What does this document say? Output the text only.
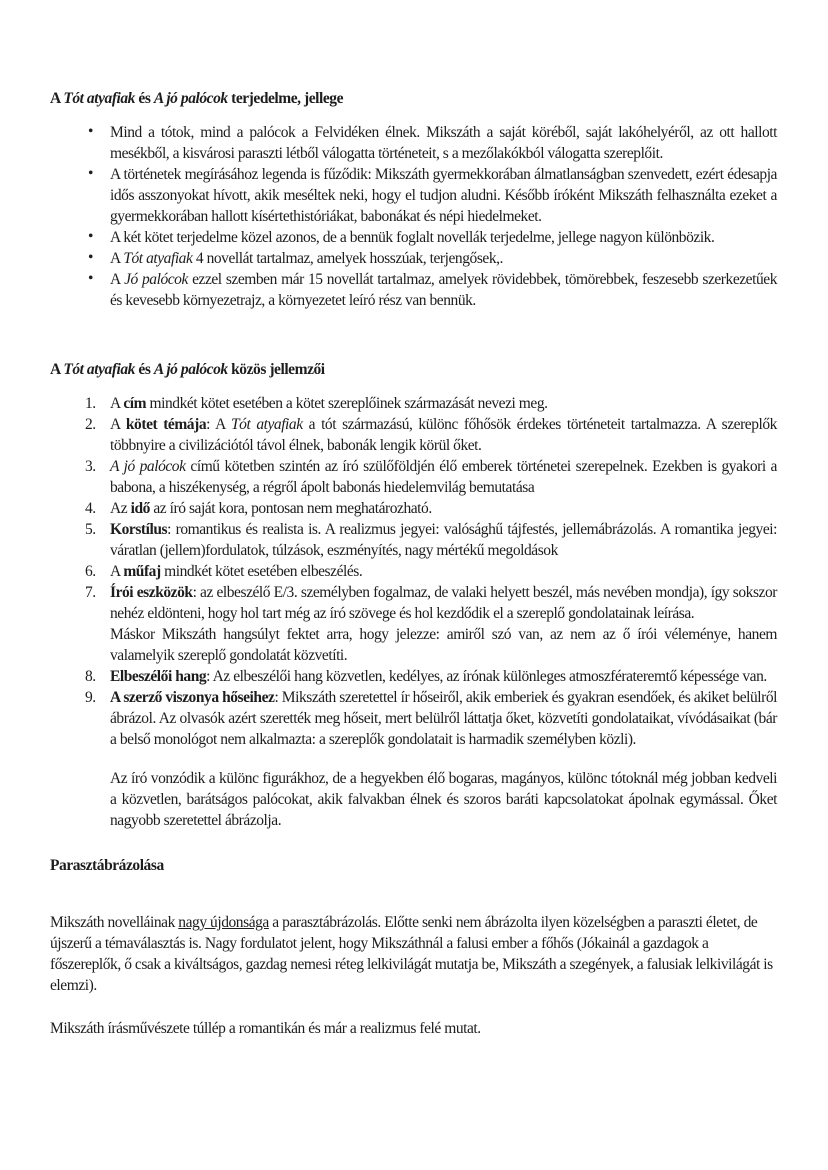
A Tót atyafiak és A jó palócok terjedelme, jellege
• Mind a tótok, mind a palócok a Felvidéken élnek. Mikszáth a saját köréből, saját lakóhelyéről, az ott hallott mesékből, a kisvárosi paraszti létből válogatta történeteit, s a mezőlakókból válogatta szereplőit.
• A történetek megírásához legenda is fűződik: Mikszáth gyermekkorában álmatlanságban szenvedett, ezért édesapja idős asszonyokat hívott, akik meséltek neki, hogy el tudjon aludni. Később íróként Mikszáth felhasználta ezeket a gyermekkorában hallott kísértethistóriákat, babonákat és népi hiedelmeket.
• A két kötet terjedelme közel azonos, de a bennük foglalt novellák terjedelme, jellege nagyon különbözik.
• A Tót atyafiak 4 novellát tartalmaz, amelyek hosszúak, terjengősek,.
• A Jó palócok ezzel szemben már 15 novellát tartalmaz, amelyek rövidebbek, tömörebbek, feszesebb szerkezetűek és kevesebb környezetrajz, a környezetet leíró rész van bennük.
A Tót atyafiak és A jó palócok közös jellemzői
1. A cím mindkét kötet esetében a kötet szereplőinek származását nevezi meg.
2. A kötet témája: A Tót atyafiak a tót származású, különc főhősök érdekes történeteit tartalmazza. A szereplők többnyire a civilizációtól távol élnek, babonák lengik körül őket.
3. A jó palócok című kötetben szintén az író szülőföldjén élő emberek történetei szerepelnek. Ezekben is gyakori a babona, a hiszékenység, a régről ápolt babonás hiedelemvilág bemutatása
4. Az idő az író saját kora, pontosan nem meghatározható.
5. Korstílus: romantikus és realista is. A realizmus jegyei: valósághű tájfestés, jellemábrázolás. A romantika jegyei: váratlan (jellem)fordulatok, túlzások, eszményítés, nagy mértékű megoldások
6. A műfaj mindkét kötet esetében elbeszélés.
7. Írói eszközök: az elbeszélő E/3. személyben fogalmaz, de valaki helyett beszél, más nevében mondja), így sokszor nehéz eldönteni, hogy hol tart még az író szövege és hol kezdődik el a szereplő gondolatainak leírása.
Máskor Mikszáth hangsúlyt fektet arra, hogy jelezze: amiről szó van, az nem az ő írói véleménye, hanem valamelyik szereplő gondolatát közvetíti.
8. Elbeszélői hang: Az elbeszélői hang közvetlen, kedélyes, az írónak különleges atmoszférateremtő képessége van.
9. A szerző viszonya hőseihez: Mikszáth szeretettel ír hőseiről, akik emberiek és gyakran esendőek, és akiket belülről ábrázol. Az olvasók azért szerették meg hőseit, mert belülről láttatja őket, közvetíti gondolataikat, vívódásaikat (bár a belső monológot nem alkalmazta: a szereplők gondolatait is harmadik személyben közli).
Az író vonzódik a különc figurákhoz, de a hegyekben élő bogaras, magányos, különc tótoknál még jobban kedveli a közvetlen, barátságos palócokat, akik falvakban élnek és szoros baráti kapcsolatokat ápolnak egymással. Őket nagyobb szeretettel ábrázolja.
Parasztábrázolása
Mikszáth novelláinak nagy újdonsága a parasztábrázolás. Előtte senki nem ábrázolta ilyen közelségben a paraszti életet, de újszerű a témaválasztás is. Nagy fordulatot jelent, hogy Mikszáthnál a falusi ember a főhős (Jókainál a gazdagok a főszereplők, ő csak a kiváltságos, gazdag nemesi réteg lelkivilágát mutatja be, Mikszáth a szegények, a falusiak lelkivilágát is elemzi).
Mikszáth írásművészete túllép a romantikán és már a realizmus felé mutat.
